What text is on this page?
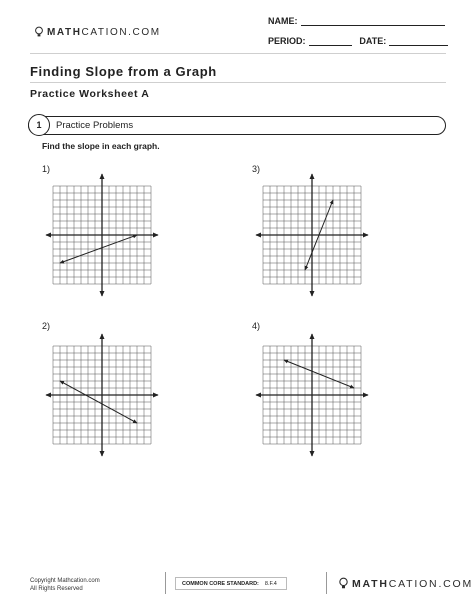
MATHCATION.COM
NAME:
PERIOD:	DATE:
Finding Slope from a Graph
Practice Worksheet A
1	Practice Problems
Find the slope in each graph.
1)	3)
2)	4)
Copyright Mathcation.com
All Rights Reserved
COMMON CORE STANDARD: 8.F.4	MATHCATION.COM
